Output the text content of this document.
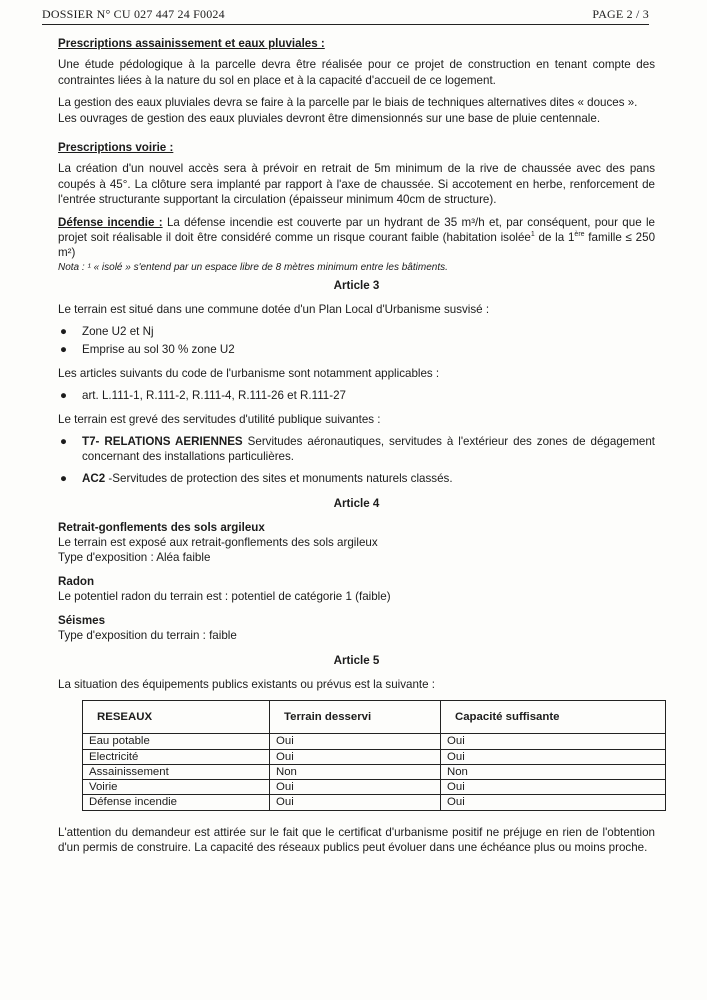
DOSSIER N° CU 027 447 24 F0024	PAGE 2 / 3
Prescriptions assainissement et eaux pluviales :

Une étude pédologique à la parcelle devra être réalisée pour ce projet de construction en tenant compte des contraintes liées à la nature du sol en place et à la capacité d'accueil de ce logement.

La gestion des eaux pluviales devra se faire à la parcelle par le biais de techniques alternatives dites « douces ».

Les ouvrages de gestion des eaux pluviales devront être dimensionnés sur une base de pluie centennale.

Prescriptions voirie :

La création d'un nouvel accès sera à prévoir en retrait de 5m minimum de la rive de chaussée avec des pans coupés à 45°. La clôture sera implanté par rapport à l'axe de chaussée. Si accotement en herbe, renforcement de l'entrée structurante supportant la circulation (épaisseur minimum 40cm de structure).

Défense incendie : La défense incendie est couverte par un hydrant de 35 m³/h et, par conséquent, pour que le projet soit réalisable il doit être considéré comme un risque courant faible (habitation isolée$^1$ de la 1ère famille ≤ 250 m²)

Nota : ¹ « isolé » s'entend par un espace libre de 8 mètres minimum entre les bâtiments.
Article 3

Le terrain est situé dans une commune dotée d'un Plan Local d'Urbanisme susvisé :

● Zone U2 et Nj
● Emprise au sol 30 % zone U2

Les articles suivants du code de l'urbanisme sont notamment applicables :

● art. L.111-1, R.111-2, R.111-4, R.111-26 et R.111-27

Le terrain est grevé des servitudes d'utilité publique suivantes :

● T7- RELATIONS AERIENNES Servitudes aéronautiques, servitudes à l'extérieur des zones de dégagement concernant des installations particulières.
● AC2 -Servitudes de protection des sites et monuments naturels classés.
Article 4
Retrait-gonflements des sols argileux
Le terrain est exposé aux retrait-gonflements des sols argileux
Type d'exposition : Aléa faible
Radon
Le potentiel radon du terrain est : potentiel de catégorie 1 (faible)
Séismes
Type d'exposition du terrain : faible
Article 5

La situation des équipements publics existants ou prévus est la suivante :

RESEAUX	Terrain desservi	Capacité suffisante
Eau potable	Oui	Oui
Electricité	Oui	Oui
Assainissement	Non	Non
Voirie	Oui	Oui
Défense incendie	Oui	Oui

L'attention du demandeur est attirée sur le fait que le certificat d'urbanisme positif ne préjuge en rien de l'obtention d'un permis de construire. La capacité des réseaux publics peut évoluer dans une échéance plus ou moins proche.
